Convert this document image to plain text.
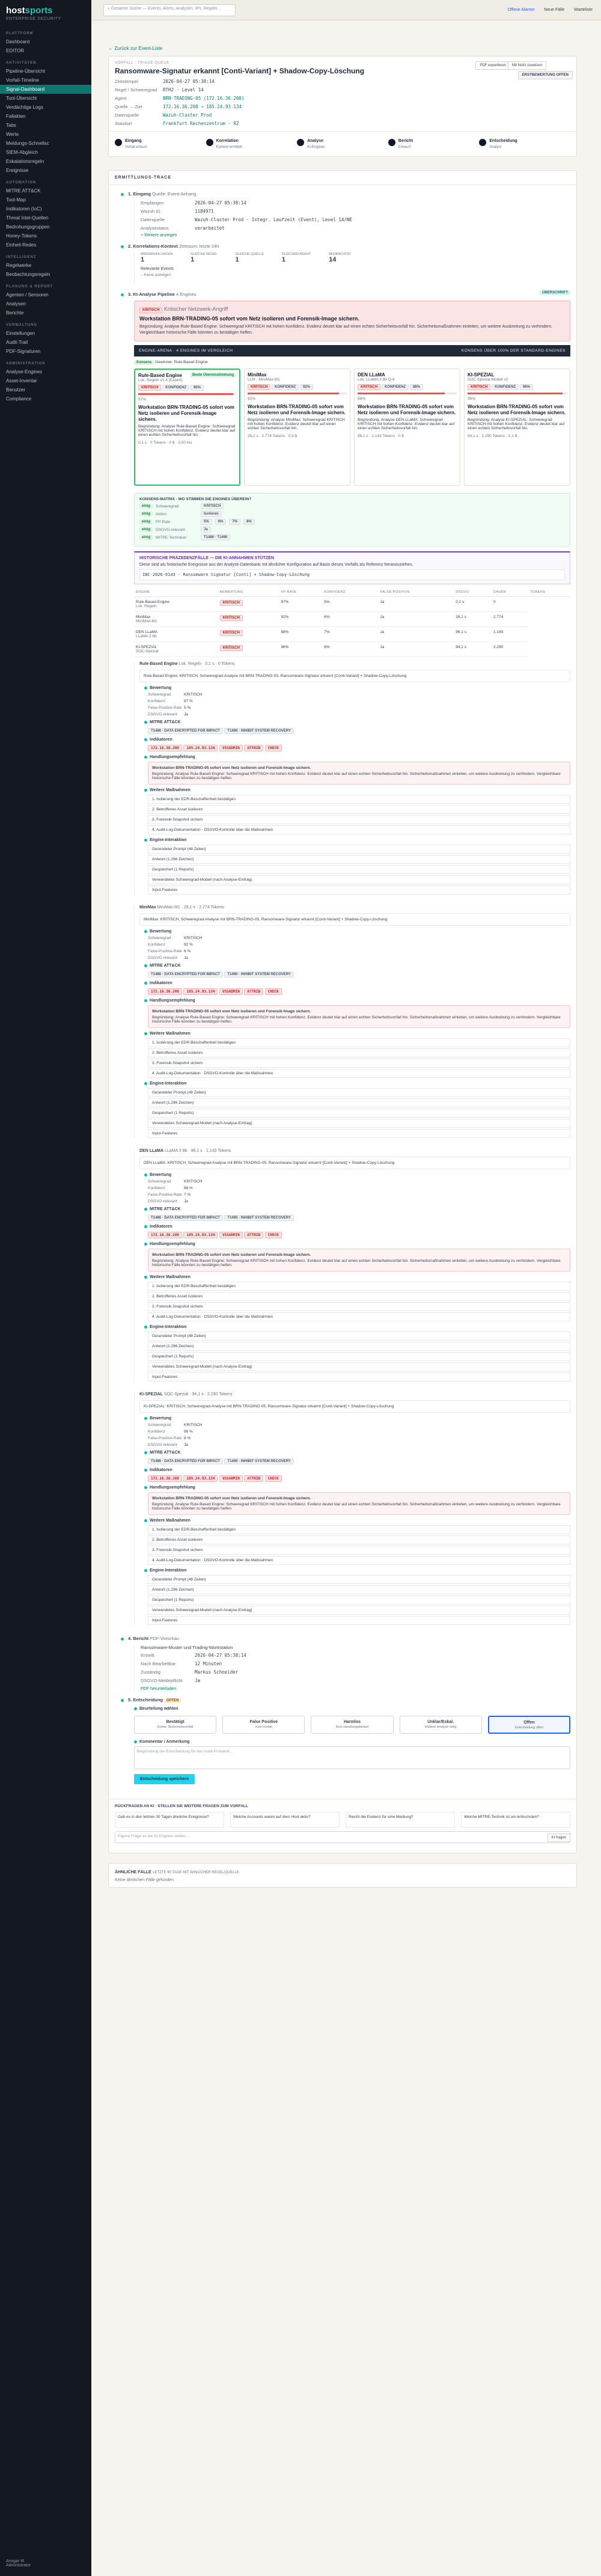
hostsports
ENTERPRISE SECURITY
PLATTFORM
Dashboard
EDITOR
AKTIVITÄTEN
Pipeline-Übersicht
Vorfall-Timeline
Signal-Dashboard
Tool-Übersicht
Verdächtige Logs
Fallakten
Tabs
Werte
Meldungs-Schnellsc
SIEM-Abgleich
Eskalationsregeln
Ereignisse
AUTOMATION
MITRE ATT&CK
Tool-Map
Indikatoren (IoC)
Threat Intel-Quellen
Bedrohungsgruppen
Honey-Tokens
Einheit-Redes
INTELLIGENZ
Regelwerke
Beobachtungsregeln
PLANUNG & REPORT
Agenten / Sensoren
Analysen
Berichte
VERWALTUNG
Einstellungen
Audit-Trail
PDF-Signaturen
ADMINISTRATION
Analyse-Engines
Asset-Inventar
Benutzer
Compliance
Ansgar M.
Administrator
⌕ Gesamte Suche — Events, Alerts, Analysen, IPs, Regeln…	Offene Alarme Neue Fälle Warteliste
← Zurück zur Event-Liste
VORFALL · TRIAGE-QUEUE
Ransomware-Signatur erkannt [Conti-Variant] + Shadow-Copy-Löschung
PDF exportieren	Mit Notiz zuweisen
ERSTBEWERTUNG OFFEN
Zeitstempel	2026-04-27 05:38:14
Regel / Schweregrad	RTH2 · Level 14
Agent	BRN-TRADING-05 (172.16.36.208)
Quelle → Ziel	172.16.36.208 → 185.24.93.134
Datenquelle	Wazuh-Cluster Prod
Standort	Frankfurt Rechenzentrum · RZ
Eingang
Vorfall erfasst
Korrelation
Kontext ermittelt
Analyse
KI-Engines
Bericht
Entwurf
Entscheidung
Analyst
ERMITTLUNGS-TRACE
1. Eingang Quelle: Event-Anhang
Empfangen	2026-04-27 05:38:14
Wazuh ID	1184971
Datenquelle	Wazuh-Cluster Prod · Integr. Laufzeit (Event), Level 14/NE
Analysestatus	verarbeitet
+ Weitere anzeigen
2. Korrelations-Kontext Zeitraum: letzte 24h
WIEDERHOLUNGEN
1
GLEICHE REGEL
1
GLEICHE QUELLE
1
GLEICHER AGENT
1
BEOBACHTET
14
Relevante Events
– Keine anzeigen
3. KI-Analyse Pipeline 4 Engines	ÜBERSCHRIFT
KRITISCH Kritischer Netzwerk-Angriff
Workstation BRN-TRADING-05 sofort vom Netz isolieren und Forensik-Image sichern.
Begründung: Analyse Rule-Based Engine: Schweregrad KRITISCH mit hohen Konfidenz. Evidenz deutet klar auf einen echten Sicherheitsvorfall hin. Sicherheitsmaßnahmen einleiten, um weitere Ausbreitung zu verhindern. Vergleichbare historische Fälle könnten zu bestätigen helfen.
ENGINE-ARENA · 4 ENGINES IM VERGLEICH	KONSENS ÜBER 100% DER STANDARD-ENGINES
Konsens Gewinner: Rule-Based Engine
Beste Übereinstimmung
Rule-Based Engine
Lok. Regeln v1.4 (Expert)
KRITISCH KONFIDENZ 95%
97%
Workstation BRN-TRADING-05 sofort vom Netz isolieren und Forensik-Image sichern.
Begründung: Analyse Rule-Based Engine: Schweregrad KRITISCH mit hohen Konfidenz. Evidenz deutet klar auf einen echten Sicherheitsvorfall hin.
0,1 s · 0 Tokens · 0 $ · 0,00 ms
MiniMax
LLM · MiniMax-M1
KRITISCH KONFIDENZ 92%
92%
Workstation BRN-TRADING-05 sofort vom Netz isolieren und Forensik-Image sichern.
Begründung: Analyse MiniMax: Schweregrad KRITISCH mit hohen Konfidenz. Evidenz deutet klar auf einen echten Sicherheitsvorfall hin.
28,1 s · 2.774 Tokens · 0,9 $
DEN LLaMA
Lok. LLaMA 3 8b Q-4
KRITISCH KONFIDENZ 88%
88%
Workstation BRN-TRADING-05 sofort vom Netz isolieren und Forensik-Image sichern.
Begründung: Analyse DEN LLaMA: Schweregrad KRITISCH mit hohen Konfidenz. Evidenz deutet klar auf einen echten Sicherheitsvorfall hin.
96,1 s · 1.143 Tokens · 0 $
KI-SPEZIAL
SOC-Spezial-Modell v2
KRITISCH KONFIDENZ 96%
96%
Workstation BRN-TRADING-05 sofort vom Netz isolieren und Forensik-Image sichern.
Begründung: Analyse KI-SPEZIAL: Schweregrad KRITISCH mit hohen Konfidenz. Evidenz deutet klar auf einen echten Sicherheitsvorfall hin.
94,1 s · 2.290 Tokens · 0,1 $
KONSENS-MATRIX · WO STIMMEN DIE ENGINES ÜBEREIN?
einig	Schweregrad	KRITISCH
einig	Aktion	Isolieren
einig	FP-Rate	5%	6%	7%	8%
einig	DSGVO-relevant	Ja
einig	MITRE-Techniken	T1486 · T1490
HISTORISCHE PRÄZEDENZFÄLLE — DIE KI-ANNAHMEN STÜTZEN
Diese sind als historische Ereignisse aus der Analyse-Datenbank mit ähnlicher Konfiguration auf Basis dieses Vorfalls als Referenz heranzuziehen.
INC-2026-0143 · Ransomware Signatur [Conti] + Shadow-Copy-Löschung
ENGINE	BEWERTUNG	FP-RATE	KONFIDENZ	FALSE-POSITIVE	DSGVO	DAUER	TOKENS

Rule-Based Engine
Lok. Regeln	KRITISCH	97%	5%	Ja	0,1 s	0	

MiniMax
MiniMax-M1	KRITISCH	92%	6%	Ja	28,1 s	2.774	

DEN LLaMA
LLaMA 3 8b	KRITISCH	88%	7%	Ja	96,1 s	1.143	

KI-SPEZIAL
SOC-Spezial	KRITISCH	96%	8%	Ja	94,1 s	2.290	
Rule-Based Engine Lok. Regeln · 0,1 s · 0 Tokens
Rule-Based Engine: KRITISCH, Schweregrad-Analyse mit BRN-TRADING-05. Ransomware-Signatur erkannt [Conti-Variant] + Shadow-Copy-Löschung
Bewertung
Schweregrad	KRITISCH
Konfidenz	97 %
False-Positive-Rate 5 %
DSGVO-relevant	Ja
MITRE ATT&CK
T1486 · DATA ENCRYPTED FOR IMPACT T1490 · INHIBIT SYSTEM RECOVERY
Indikatoren
172.16.36.208 185.24.93.134 VSSADMIN ATTRIB CHECK
Handlungsempfehlung
Workstation BRN-TRADING-05 sofort vom Netz isolieren und Forensik-Image sichern.
Begründung: Analyse Rule-Based Engine: Schweregrad KRITISCH mit hohen Konfidenz. Evidenz deutet klar auf einen echten Sicherheitsvorfall hin. Sicherheitsmaßnahmen einleiten, um weitere Ausbreitung zu verhindern. Vergleichbare historische Fälle könnten zu bestätigen helfen.
Weitere Maßnahmen
1. Isolierung der EDR-Beschaffenheit bestätigen
2. Betroffenes Asset isolieren
3. Forensik-Snapshot sichern
4. Audit-Log-Dokumentation · DSGVO-Kontrolle über die Maßnahmen
Engine-Interaktion
Gesendeter Prompt (48 Zeilen)
Antwort (1.296 Zeichen)
Gespeichert (1 Reports)
Verwendetes Schweregrad-Modell (nach Analyse-Eintrag)
Input-Features
MiniMax MiniMax-M1 · 28,1 s · 2.774 Tokens
MiniMax: KRITISCH, Schweregrad-Analyse mit BRN-TRADING-05. Ransomware-Signatur erkannt [Conti-Variant] + Shadow-Copy-Löschung
Bewertung
Schweregrad	KRITISCH
Konfidenz	92 %
False-Positive-Rate 6 %
DSGVO-relevant	Ja
MITRE ATT&CK
T1486 · DATA ENCRYPTED FOR IMPACT T1490 · INHIBIT SYSTEM RECOVERY
Indikatoren
172.16.36.208 185.24.93.134 VSSADMIN ATTRIB CHECK
Handlungsempfehlung
Workstation BRN-TRADING-05 sofort vom Netz isolieren und Forensik-Image sichern.
Begründung: Analyse Rule-Based Engine: Schweregrad KRITISCH mit hohen Konfidenz. Evidenz deutet klar auf einen echten Sicherheitsvorfall hin. Sicherheitsmaßnahmen einleiten, um weitere Ausbreitung zu verhindern. Vergleichbare historische Fälle könnten zu bestätigen helfen.
Weitere Maßnahmen
1. Isolierung der EDR-Beschaffenheit bestätigen
2. Betroffenes Asset isolieren
3. Forensik-Snapshot sichern
4. Audit-Log-Dokumentation · DSGVO-Kontrolle über die Maßnahmen
Engine-Interaktion
Gesendeter Prompt (48 Zeilen)
Antwort (1.296 Zeichen)
Gespeichert (1 Reports)
Verwendetes Schweregrad-Modell (nach Analyse-Eintrag)
Input-Features
DEN LLaMA LLaMA 3 8b · 96,1 s · 1.143 Tokens
DEN LLaMA: KRITISCH, Schweregrad-Analyse mit BRN-TRADING-05. Ransomware-Signatur erkannt [Conti-Variant] + Shadow-Copy-Löschung
Bewertung
Schweregrad	KRITISCH
Konfidenz	88 %
False-Positive-Rate 7 %
DSGVO-relevant	Ja
MITRE ATT&CK
T1486 · DATA ENCRYPTED FOR IMPACT T1490 · INHIBIT SYSTEM RECOVERY
Indikatoren
172.16.36.208 185.24.93.134 VSSADMIN ATTRIB CHECK
Handlungsempfehlung
Workstation BRN-TRADING-05 sofort vom Netz isolieren und Forensik-Image sichern.
Begründung: Analyse Rule-Based Engine: Schweregrad KRITISCH mit hohen Konfidenz. Evidenz deutet klar auf einen echten Sicherheitsvorfall hin. Sicherheitsmaßnahmen einleiten, um weitere Ausbreitung zu verhindern. Vergleichbare historische Fälle könnten zu bestätigen helfen.
Weitere Maßnahmen
1. Isolierung der EDR-Beschaffenheit bestätigen
2. Betroffenes Asset isolieren
3. Forensik-Snapshot sichern
4. Audit-Log-Dokumentation · DSGVO-Kontrolle über die Maßnahmen
Engine-Interaktion
Gesendeter Prompt (48 Zeilen)
Antwort (1.296 Zeichen)
Gespeichert (1 Reports)
Verwendetes Schweregrad-Modell (nach Analyse-Eintrag)
Input-Features
KI-SPEZIAL SOC-Spezial · 94,1 s · 2.290 Tokens
KI-SPEZIAL: KRITISCH, Schweregrad-Analyse mit BRN-TRADING-05. Ransomware-Signatur erkannt [Conti-Variant] + Shadow-Copy-Löschung
Bewertung
Schweregrad	KRITISCH
Konfidenz	96 %
False-Positive-Rate 8 %
DSGVO-relevant	Ja
MITRE ATT&CK
T1486 · DATA ENCRYPTED FOR IMPACT T1490 · INHIBIT SYSTEM RECOVERY
Indikatoren
172.16.36.208 185.24.93.134 VSSADMIN ATTRIB CHECK
Handlungsempfehlung
Workstation BRN-TRADING-05 sofort vom Netz isolieren und Forensik-Image sichern.
Begründung: Analyse Rule-Based Engine: Schweregrad KRITISCH mit hohen Konfidenz. Evidenz deutet klar auf einen echten Sicherheitsvorfall hin. Sicherheitsmaßnahmen einleiten, um weitere Ausbreitung zu verhindern. Vergleichbare historische Fälle könnten zu bestätigen helfen.
Weitere Maßnahmen
1. Isolierung der EDR-Beschaffenheit bestätigen
2. Betroffenes Asset isolieren
3. Forensik-Snapshot sichern
4. Audit-Log-Dokumentation · DSGVO-Kontrolle über die Maßnahmen
Engine-Interaktion
Gesendeter Prompt (48 Zeilen)
Antwort (1.296 Zeichen)
Gespeichert (1 Reports)
Verwendetes Schweregrad-Modell (nach Analyse-Eintrag)
Input-Features
4. Bericht PDF-Vorschau
Ransomware-Muster und Trading-Workstation
Erstellt	2026-04-27 05:38:14
Nach Bearbeitbar	12 Minuten
Zuständig	Markus Schneider
DSGVO-Meldepflicht	Ja
PDF herunterladen
5. Entscheidung OFFEN
Beurteilung wählen
Bestätigt
Echter Sicherheitsvorfall
False Positive
Kein Vorfall
Harmlos
Kein Handlungsbedarf
Unklar/Eskal.
Weitere Analyse nötig
Offen
Entscheidung offen
Kommentar / Anmerkung
Begründung der Entscheidung für das Audit-Protokoll…
Entscheidung speichern
RÜCKFRAGEN AN KI · STELLEN SIE WEITERE FRAGEN ZUM VORFALL
Gab es in den letzten 30 Tagen ähnliche Ereignisse?	Welche Accounts waren auf dem Host aktiv?	Reicht die Evidenz für eine Meldung?	Welche MITRE-Technik ist am kritischsten?
Eigene Frage an die KI-Engines stellen…	KI fragen
ÄHNLICHE FÄLLE LETZTE 90 TAGE MIT ÄHNLICHER REGEL/QUELLE
Keine ähnlichen Fälle gefunden.
